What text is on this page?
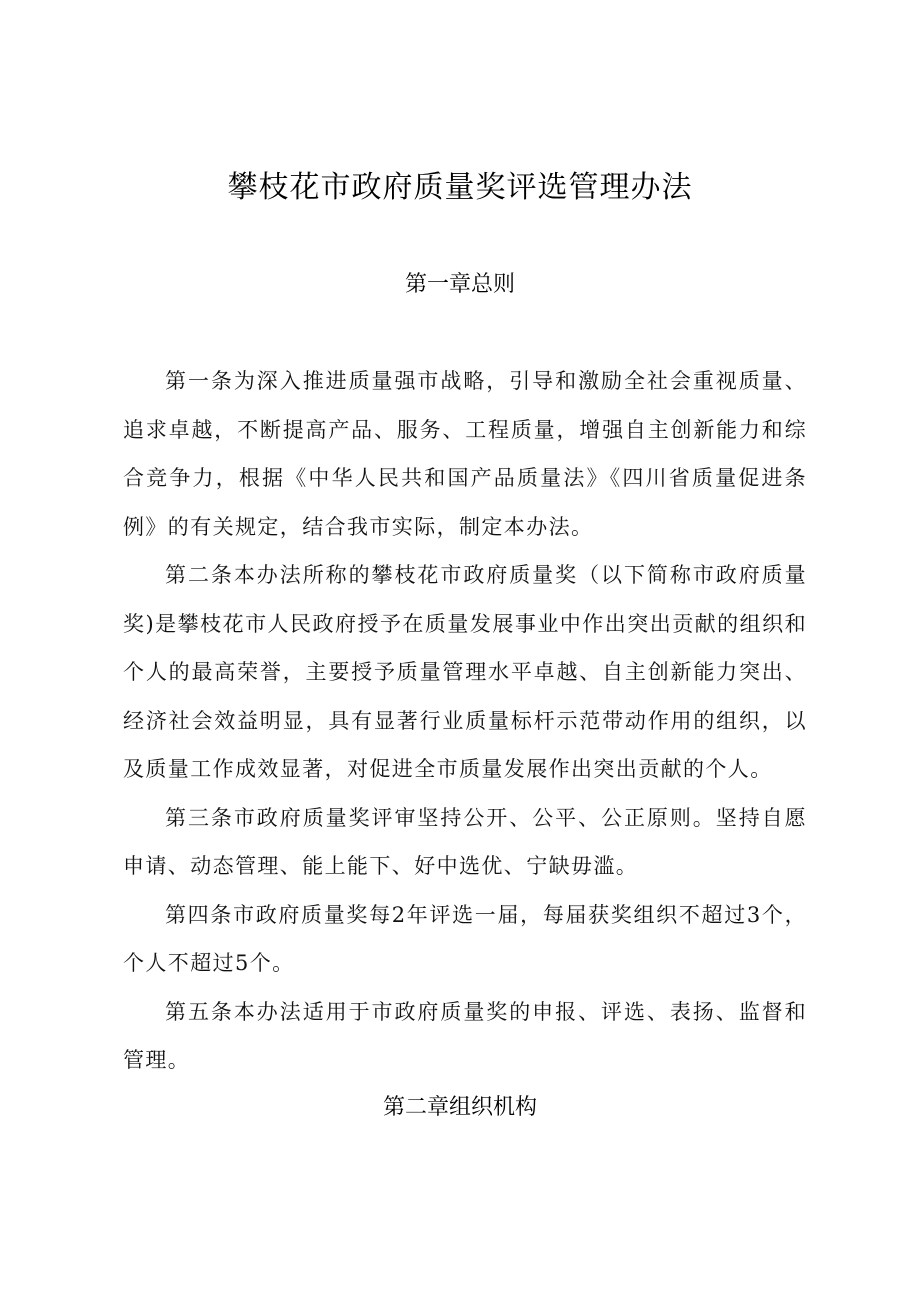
攀枝花市政府质量奖评选管理办法
第一章总则

第一条为深入推进质量强市战略，引导和激励全社会重视质量、追求卓越，不断提高产品、服务、工程质量，增强自主创新能力和综合竞争力，根据《中华人民共和国产品质量法》《四川省质量促进条例》的有关规定，结合我市实际，制定本办法。

第二条本办法所称的攀枝花市政府质量奖（以下简称市政府质量奖)是攀枝花市人民政府授予在质量发展事业中作出突出贡献的组织和个人的最高荣誉，主要授予质量管理水平卓越、自主创新能力突出、经济社会效益明显，具有显著行业质量标杆示范带动作用的组织，以及质量工作成效显著，对促进全市质量发展作出突出贡献的个人。

第三条市政府质量奖评审坚持公开、公平、公正原则。坚持自愿申请、动态管理、能上能下、好中选优、宁缺毋滥。

第四条市政府质量奖每2年评选一届，每届获奖组织不超过3个，个人不超过5个。

第五条本办法适用于市政府质量奖的申报、评选、表扬、监督和管理。

第二章组织机构
